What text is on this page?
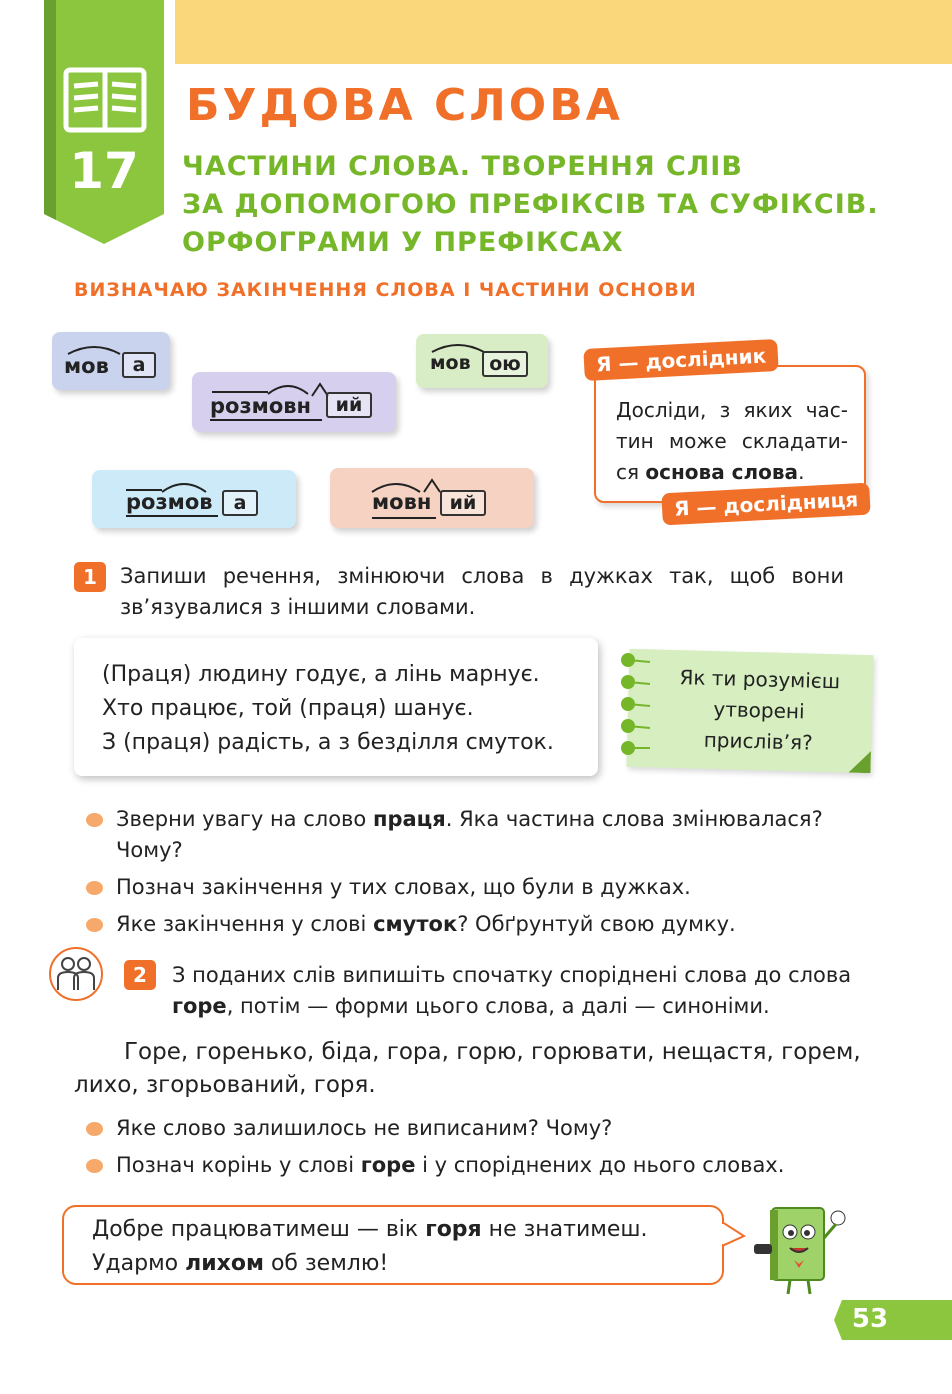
17
БУДОВА СЛОВА
ЧАСТИНИ СЛОВА. ТВОРЕННЯ СЛІВ
ЗА ДОПОМОГОЮ ПРЕФІКСІВ ТА СУФІКСІВ.
ОРФОГРАМИ У ПРЕФІКСАХ
ВИЗНАЧАЮ ЗАКІНЧЕННЯ СЛОВА І ЧАСТИНИ ОСНОВИ
мов	а
розмовн	ий
мов ою
розмов	а	мовн ий
Досліди, з яких час-тин може складати-ся основа слова.
Я — дослідник
Я — дослідниця
1	Запиши речення, змінюючи слова в дужках так, щоб вони зв’язувалися з іншими словами.
(Праця) людину годує, а лінь марнує.
Хто працює, той (праця) шанує.
З (праця) радість, а з безділля смуток.
Як ти розумієш утворені прислів’я?
Зверни увагу на слово праця. Яка частина слова змінювалася? Чому?
Познач закінчення у тих словах, що були в дужках.
Яке закінчення у слові смуток? Обґрунтуй свою думку.
2	З поданих слів випишіть спочатку споріднені слова до слова
горе, потім — форми цього слова, а далі — синоніми.
Горе, горенько, біда, гора, горю, горювати, нещастя, горем,
лихо, згорьований, горя.
Яке слово залишилось не виписаним? Чому?
Познач корінь у слові горе і у споріднених до нього словах.
Добре працюватимеш — вік горя не знатимеш.
Удармо лихом об землю!
53
